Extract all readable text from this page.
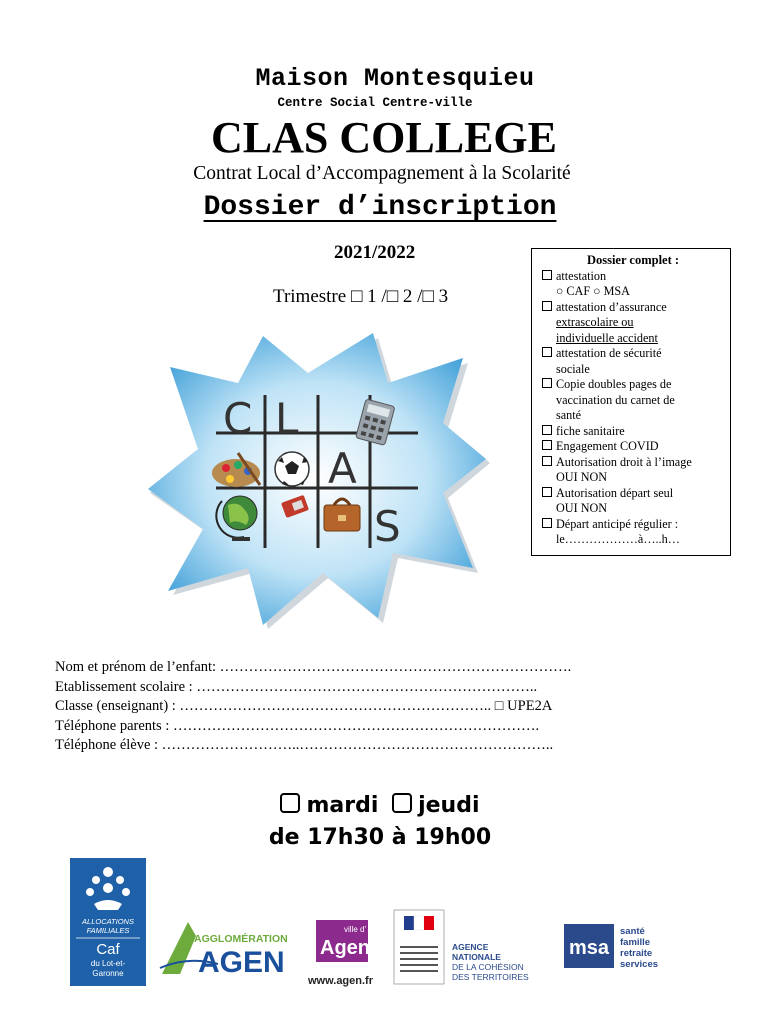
Maison Montesquieu
Centre Social Centre-ville
CLAS COLLEGE
Contrat Local d’Accompagnement à la Scolarité
Dossier d’inscription
2021/2022
Trimestre □ 1 /□ 2 /□ 3
Dossier complet :
attestation
○ CAF ○ MSA
attestation d’assurance
extrascolaire ou
individuelle accident
attestation de sécurité
sociale
Copie doubles pages de
vaccination du carnet de
santé
fiche sanitaire
Engagement COVID
Autorisation droit à l’image
OUI NON
Autorisation départ seul
OUI NON
Départ anticipé régulier :
le………………à…..h…
C L
A
S
Nom et prénom de l’enfant: ……………………………………………………………….
Etablissement scolaire : ……………………………………………………………..
Classe (enseignant) : ……………………………………………………….. □ UPE2A
Téléphone parents : ………………………………………………………………….
Téléphone élève : ………………………..……………………………………………..
mardi jeudi
de 17h30 à 19h00
ALLOCATIONS
FAMILIALES
Caf
du Lot-et-
Garonne
AGGLOMÉRATION
AGEN
ville d'
Agen
www.agen.fr
AGENCE
NATIONALE
DE LA COHÉSION
DES TERRITOIRES
msa
santé
famille
retraite
services
